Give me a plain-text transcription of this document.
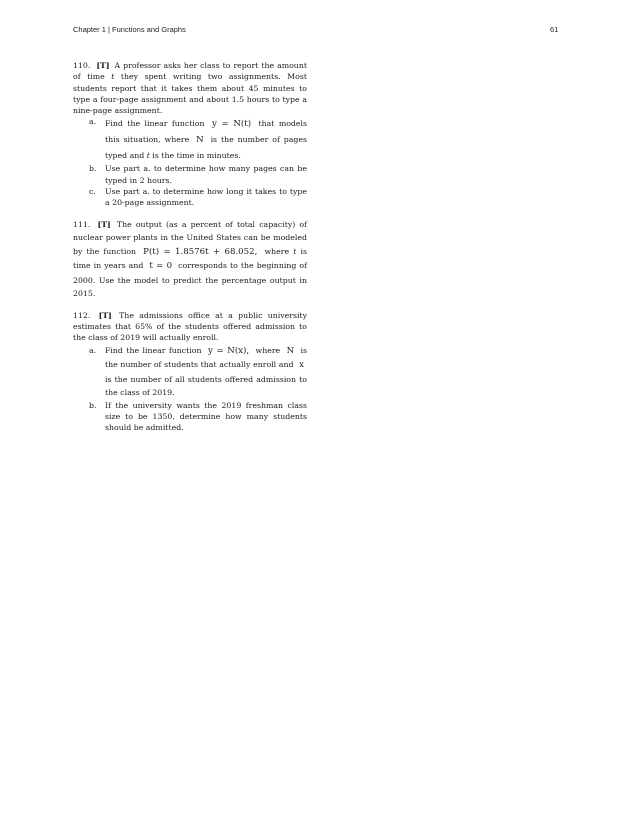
Chapter 1 | Functions and Graphs	61
110. [T] A professor asks her class to report the amount of time t they spent writing two assignments. Most students report that it takes them about 45 minutes to type a four-page assignment and about 1.5 hours to type a nine-page assignment.
a. Find the linear function y = N(t) that models this situation, where N is the number of pages typed and t is the time in minutes.
b. Use part a. to determine how many pages can be typed in 2 hours.
c. Use part a. to determine how long it takes to type a 20-page assignment.
111. [T] The output (as a percent of total capacity) of nuclear power plants in the United States can be modeled by the function P(t) = 1.8576t + 68.052, where t is time in years and t = 0 corresponds to the beginning of 2000. Use the model to predict the percentage output in 2015.
112. [T] The admissions office at a public university estimates that 65% of the students offered admission to the class of 2019 will actually enroll.
a. Find the linear function y = N(x), where N is the number of students that actually enroll and x is the number of all students offered admission to the class of 2019.
b. If the university wants the 2019 freshman class size to be 1350, determine how many students should be admitted.
